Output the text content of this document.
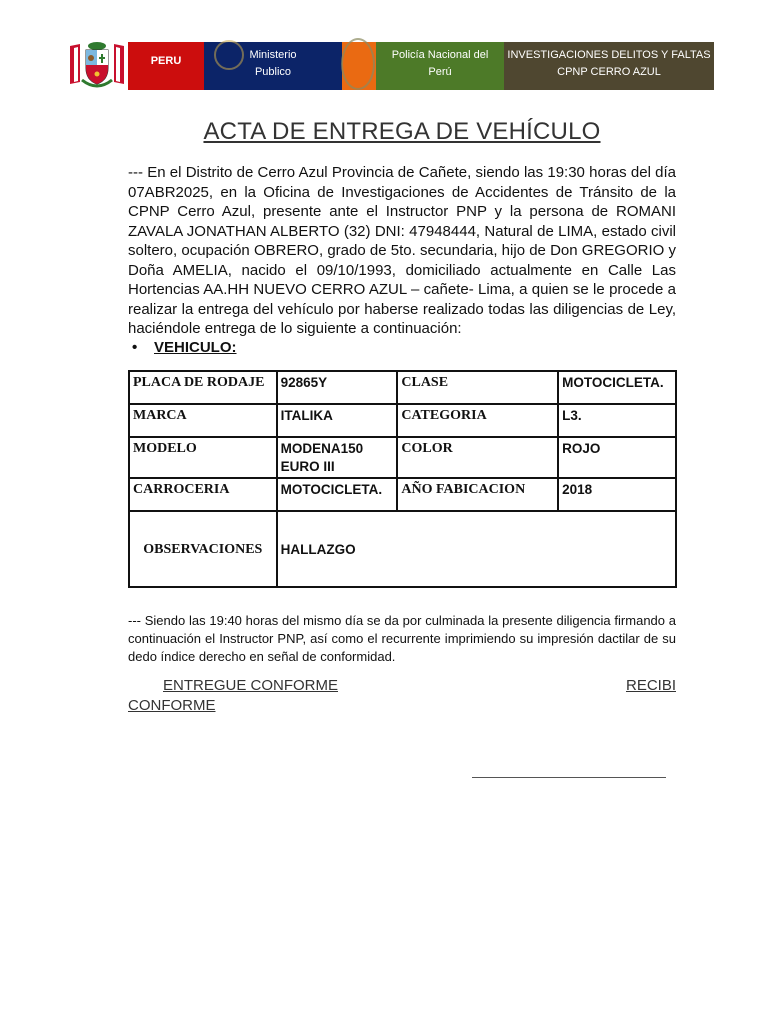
PERU	Ministerio
Publico
Policía Nacional del
Perú
INVESTIGACIONES DELITOS Y FALTAS
CPNP CERRO AZUL
ACTA DE ENTREGA DE VEHÍCULO

--- En el Distrito de Cerro Azul Provincia de Cañete, siendo las 19:30 horas del día 07ABR2025, en la Oficina de Investigaciones de Accidentes de Tránsito de la CPNP Cerro Azul, presente ante el Instructor PNP y la persona de ROMANI ZAVALA JONATHAN ALBERTO (32) DNI: 47948444, Natural de LIMA, estado civil soltero, ocupación OBRERO, grado de 5to. secundaria, hijo de Don GREGORIO y Doña AMELIA, nacido el 09/10/1993, domiciliado actualmente en Calle Las Hortencias AA.HH NUEVO CERRO AZUL – cañete- Lima, a quien se le procede a realizar la entrega del vehículo por haberse realizado todas las diligencias de Ley, haciéndole entrega de lo siguiente a continuación:

• VEHICULO:
PLACA DE RODAJE	92865Y	CLASE	MOTOCICLETA.
MARCA	ITALIKA	CATEGORIA	L3.
MODELO	MODENA150 EURO III	COLOR	ROJO
CARROCERIA	MOTOCICLETA.	AÑO FABICACION	2018
OBSERVACIONES	HALLAZGO		

--- Siendo las 19:40 horas del mismo día se da por culminada la presente diligencia firmando a continuación el Instructor PNP, así como el recurrente imprimiendo su impresión dactilar de su dedo índice derecho en señal de conformidad.

ENTREGUE CONFORME	RECIBI
CONFORME
